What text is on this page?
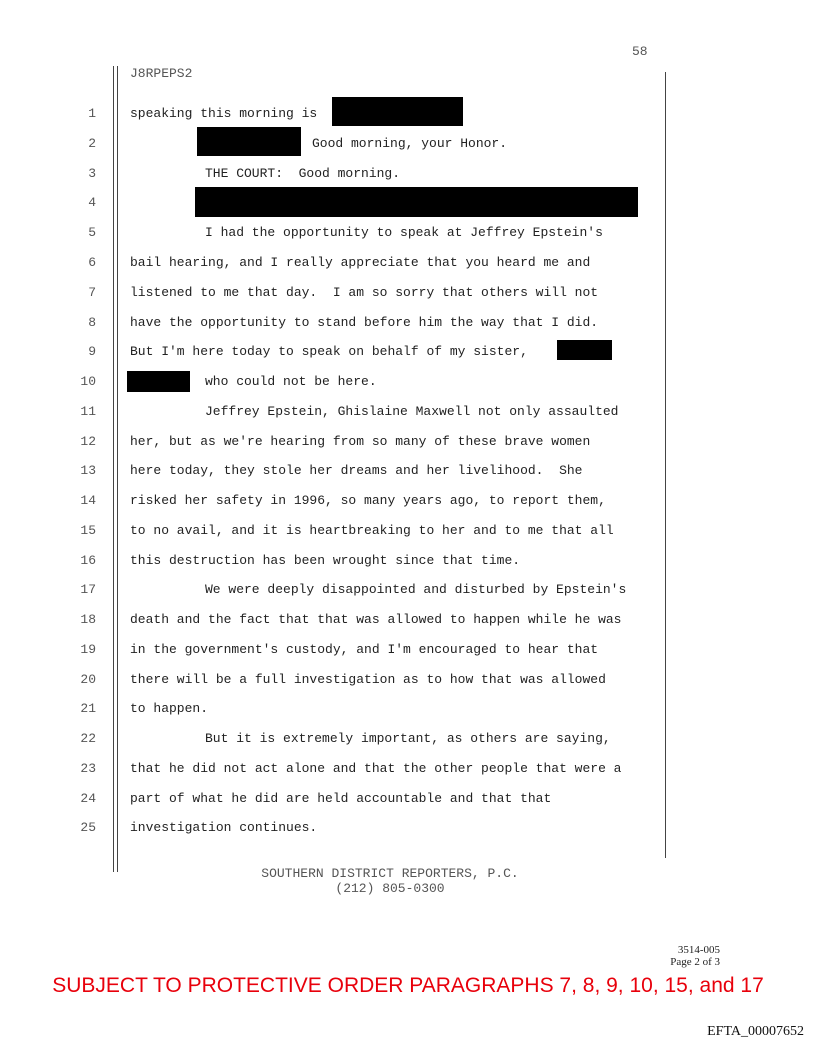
58
J8RPEPS2
1
2
3
4
5
6
7
8
9
10
11
12
13
14
15
16
17
18
19
20
21
22
23
24
25
speaking this morning is
Good morning, your Honor.
THE COURT:  Good morning.
I had the opportunity to speak at Jeffrey Epstein's
bail hearing, and I really appreciate that you heard me and
listened to me that day.  I am so sorry that others will not
have the opportunity to stand before him the way that I did.
But I'm here today to speak on behalf of my sister,
who could not be here.
Jeffrey Epstein, Ghislaine Maxwell not only assaulted
her, but as we're hearing from so many of these brave women
here today, they stole her dreams and her livelihood.  She
risked her safety in 1996, so many years ago, to report them,
to no avail, and it is heartbreaking to her and to me that all
this destruction has been wrought since that time.
We were deeply disappointed and disturbed by Epstein's
death and the fact that that was allowed to happen while he was
in the government's custody, and I'm encouraged to hear that
there will be a full investigation as to how that was allowed
to happen.
But it is extremely important, as others are saying,
that he did not act alone and that the other people that were a
part of what he did are held accountable and that that
investigation continues.
SOUTHERN DISTRICT REPORTERS, P.C.
(212) 805-0300
3514-005
Page 2 of 3
SUBJECT TO PROTECTIVE ORDER PARAGRAPHS 7, 8, 9, 10, 15, and 17
EFTA_00007652
